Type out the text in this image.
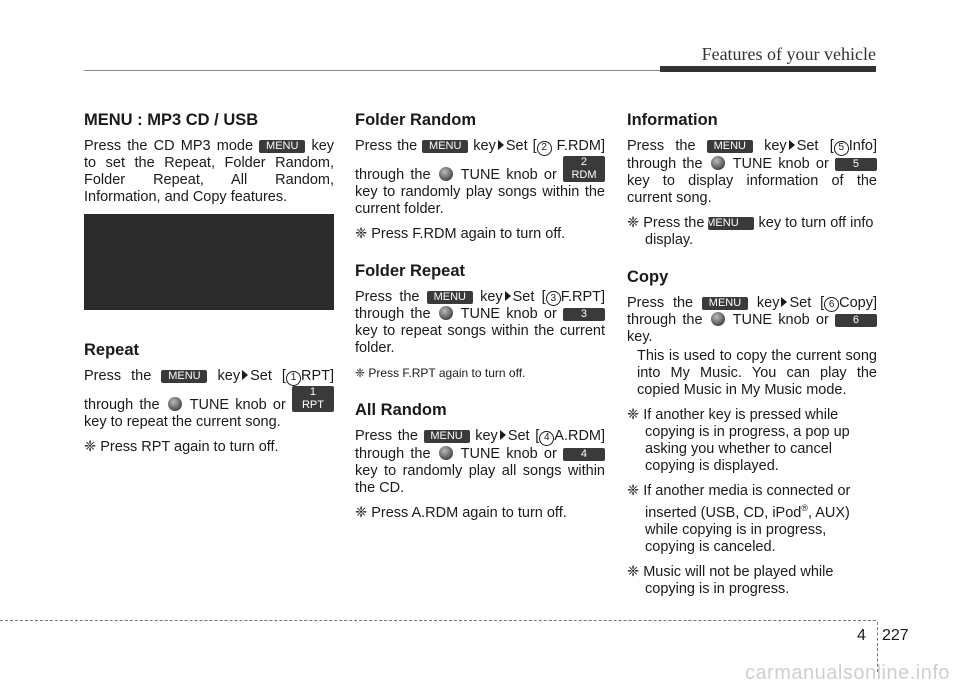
Features of your vehicle
MENU : MP3 CD / USB

Press the CD MP3 mode MENU key to set the Repeat, Folder Random, Folder Repeat, All Random, Information, and Copy features.

Repeat

Press the MENU key Set [ 1 RPT] through the TUNE knob or 1 RPT key to repeat the current song.

❈ Press RPT again to turn off.
Folder Random

Press the MENU key Set [ 2 F.RDM] through the TUNE knob or 2 RDM key to randomly play songs within the current folder.

❈ Press F.RDM again to turn off.
Folder Repeat

Press the MENU key Set [ 3 F.RPT] through the TUNE knob or 3 key to repeat songs within the current folder.

❈ Press F.RPT again to turn off.
All Random

Press the MENU key Set [ 4 A.RDM] through the TUNE knob or 4 key to randomly play all songs within the CD.

❈ Press A.RDM again to turn off.
Information

Press the MENU key Set [ 5 Info] through the TUNE knob or 5 key to display information of the current song.

❈ Press the MENU key to turn off info display.
Copy

Press the MENU key Set [ 6 Copy] through the TUNE knob or 6 key.

This is used to copy the current song into My Music. You can play the copied Music in My Music mode.

❈ If another key is pressed while copying is in progress, a pop up asking you whether to cancel copying is displayed.
❈ If another media is connected or inserted (USB, CD, iPod®, AUX) while copying is in progress, copying is canceled.
❈ Music will not be played while copying is in progress.
4 227
carmanualsonline.info
